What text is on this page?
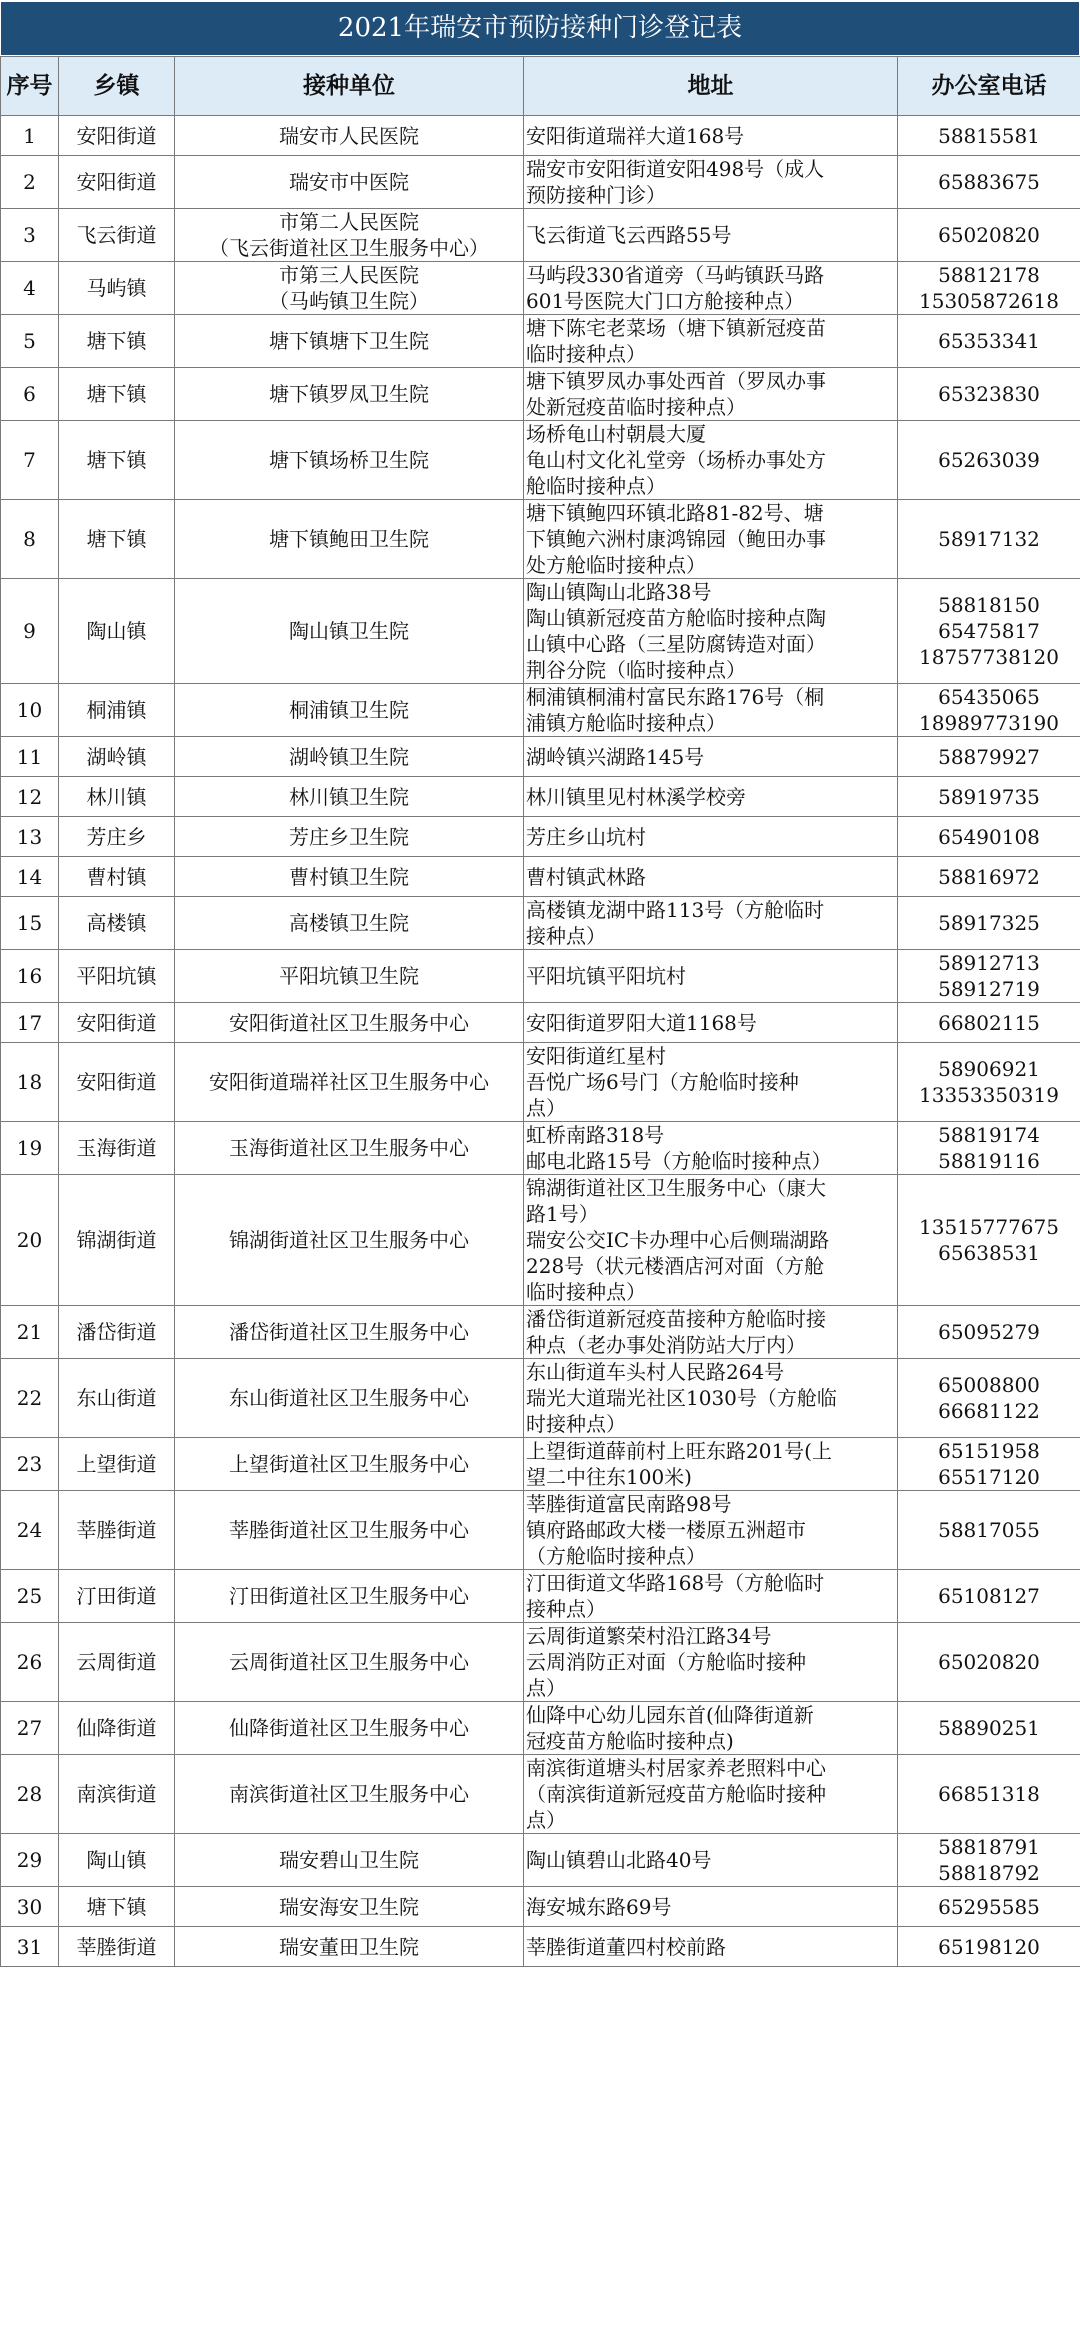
2021年瑞安市预防接种门诊登记表
序号	乡镇	接种单位	地址	办公室电话
1	安阳街道	瑞安市人民医院	安阳街道瑞祥大道168号	58815581

2	安阳街道	瑞安市中医院	瑞安市安阳街道安阳498号（成人
预防接种门诊）	65883675

3	飞云街道	市第二人民医院
（飞云街道社区卫生服务中心）	飞云街道飞云西路55号	65020820

4	马屿镇	市第三人民医院
（马屿镇卫生院）	马屿段330省道旁（马屿镇跃马路
601号医院大门口方舱接种点）	58812178
15305872618

5	塘下镇	塘下镇塘下卫生院	塘下陈宅老菜场（塘下镇新冠疫苗
临时接种点）	65353341

6	塘下镇	塘下镇罗凤卫生院	塘下镇罗凤办事处西首（罗凤办事
处新冠疫苗临时接种点）	65323830

7	塘下镇	塘下镇场桥卫生院	场桥龟山村朝晨大厦
龟山村文化礼堂旁（场桥办事处方
舱临时接种点）	65263039

8	塘下镇	塘下镇鲍田卫生院	塘下镇鲍四环镇北路81-82号、塘
下镇鲍六洲村康鸿锦园（鲍田办事
处方舱临时接种点）	58917132

9	陶山镇	陶山镇卫生院	陶山镇陶山北路38号
陶山镇新冠疫苗方舱临时接种点陶
山镇中心路（三星防腐铸造对面）
荆谷分院（临时接种点）	58818150
65475817
18757738120

10	桐浦镇	桐浦镇卫生院	桐浦镇桐浦村富民东路176号（桐
浦镇方舱临时接种点）	65435065
18989773190

11	湖岭镇	湖岭镇卫生院	湖岭镇兴湖路145号	58879927

12	林川镇	林川镇卫生院	林川镇里见村林溪学校旁	58919735

13	芳庄乡	芳庄乡卫生院	芳庄乡山坑村	65490108

14	曹村镇	曹村镇卫生院	曹村镇武林路	58816972

15	高楼镇	高楼镇卫生院	高楼镇龙湖中路113号（方舱临时
接种点）	58917325

16	平阳坑镇	平阳坑镇卫生院	平阳坑镇平阳坑村	58912713
58912719

17	安阳街道	安阳街道社区卫生服务中心	安阳街道罗阳大道1168号	66802115

18	安阳街道	安阳街道瑞祥社区卫生服务中心	安阳街道红星村
吾悦广场6号门（方舱临时接种
点）	58906921
13353350319

19	玉海街道	玉海街道社区卫生服务中心	虹桥南路318号
邮电北路15号（方舱临时接种点）	58819174
58819116

20	锦湖街道	锦湖街道社区卫生服务中心	锦湖街道社区卫生服务中心（康大
路1号）
瑞安公交IC卡办理中心后侧瑞湖路
228号（状元楼酒店河对面（方舱
临时接种点）	13515777675
65638531

21	潘岱街道	潘岱街道社区卫生服务中心	潘岱街道新冠疫苗接种方舱临时接
种点（老办事处消防站大厅内）	65095279

22	东山街道	东山街道社区卫生服务中心	东山街道车头村人民路264号
瑞光大道瑞光社区1030号（方舱临
时接种点）	65008800
66681122

23	上望街道	上望街道社区卫生服务中心	上望街道薛前村上旺东路201号(上
望二中往东100米)	65151958
65517120

24	莘塍街道	莘塍街道社区卫生服务中心	莘塍街道富民南路98号
镇府路邮政大楼一楼原五洲超市
（方舱临时接种点）	58817055

25	汀田街道	汀田街道社区卫生服务中心	汀田街道文华路168号（方舱临时
接种点）	65108127

26	云周街道	云周街道社区卫生服务中心	云周街道繁荣村沿江路34号
云周消防正对面（方舱临时接种
点）	65020820

27	仙降街道	仙降街道社区卫生服务中心	仙降中心幼儿园东首(仙降街道新
冠疫苗方舱临时接种点)	58890251

28	南滨街道	南滨街道社区卫生服务中心	南滨街道塘头村居家养老照料中心
（南滨街道新冠疫苗方舱临时接种
点）	66851318

29	陶山镇	瑞安碧山卫生院	陶山镇碧山北路40号	58818791
58818792

30	塘下镇	瑞安海安卫生院	海安城东路69号	65295585

31	莘塍街道	瑞安董田卫生院	莘塍街道董四村校前路	65198120
